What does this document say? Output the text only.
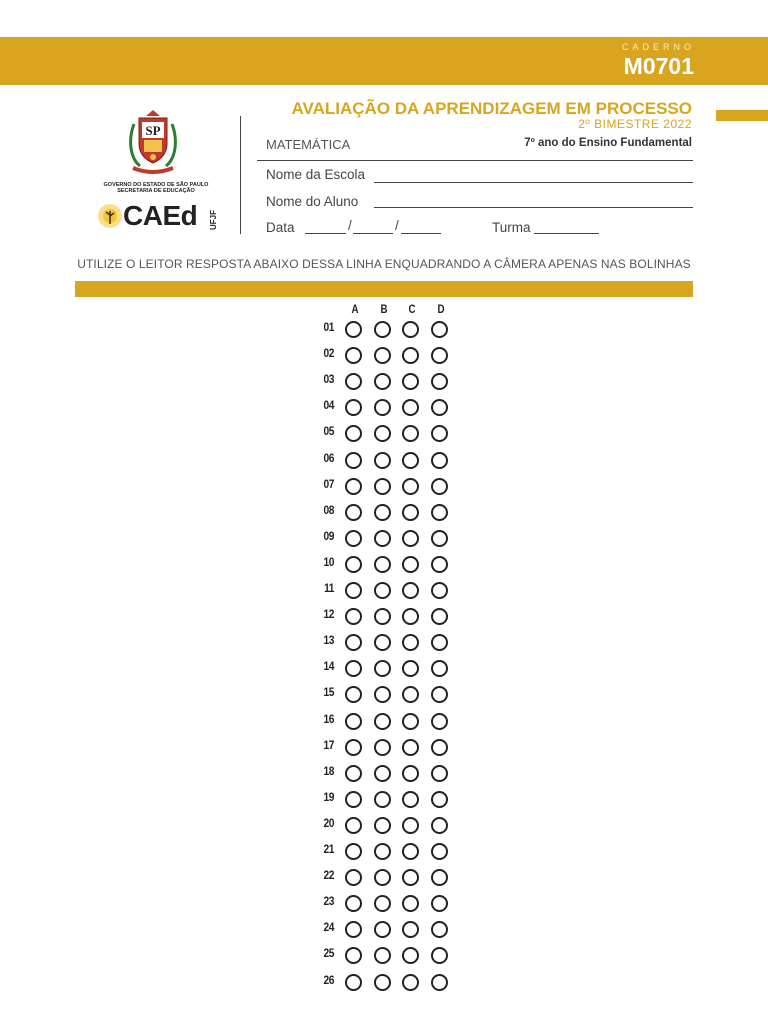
CADERNO
M0701
SP
GOVERNO DO ESTADO DE SÃO PAULO
SECRETARIA DE EDUCAÇÃO
CAEd UFJF
AVALIAÇÃO DA APRENDIZAGEM EM PROCESSO
2º BIMESTRE 2022
MATEMÁTICA	7º ano do Ensino Fundamental
Nome da Escola
Nome do Aluno
Data	/	/	Turma
UTILIZE O LEITOR RESPOSTA ABAIXO DESSA LINHA ENQUADRANDO A CÂMERA APENAS NAS BOLINHAS
A	B	C	D
01
02
03
04
05
06
07
08
09
10
11
12
13
14
15
16
17
18
19
20
21
22
23
24
25
26
